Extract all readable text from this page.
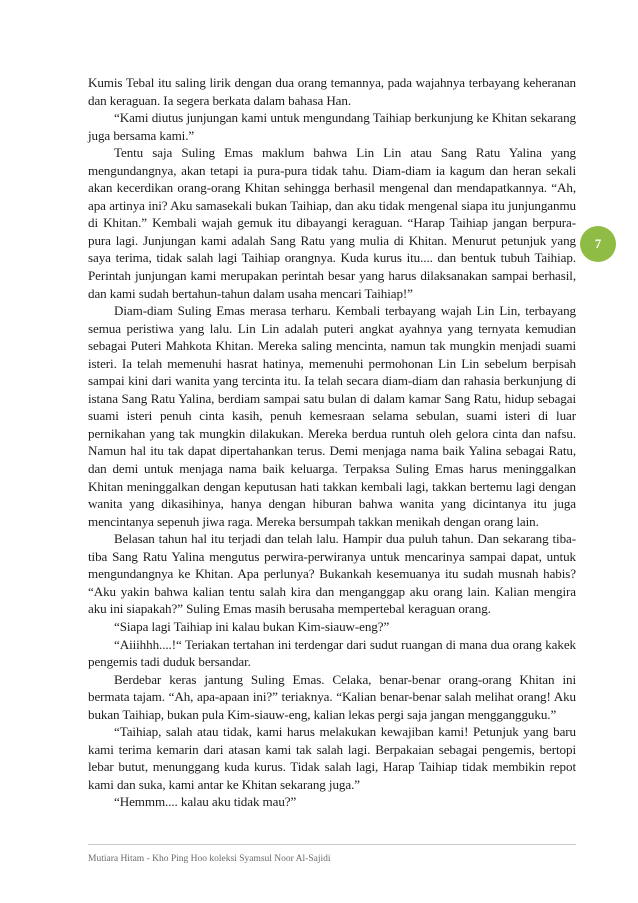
Kumis Tebal itu saling lirik dengan dua orang temannya, pada wajahnya terbayang keheranan dan keraguan. Ia segera berkata dalam bahasa Han.

“Kami diutus junjungan kami untuk mengundang Taihiap berkunjung ke Khitan sekarang juga bersama kami.”

Tentu saja Suling Emas maklum bahwa Lin Lin atau Sang Ratu Yalina yang mengundangnya, akan tetapi ia pura-pura tidak tahu. Diam-diam ia kagum dan heran sekali akan kecerdikan orang-orang Khitan sehingga berhasil mengenal dan mendapatkannya. “Ah, apa artinya ini? Aku samasekali bukan Taihiap, dan aku tidak mengenal siapa itu junjunganmu di Khitan.” Kembali wajah gemuk itu dibayangi keraguan. “Harap Taihiap jangan berpura-pura lagi. Junjungan kami adalah Sang Ratu yang mulia di Khitan. Menurut petunjuk yang saya terima, tidak salah lagi Taihiap orangnya. Kuda kurus itu.... dan bentuk tubuh Taihiap. Perintah junjungan kami merupakan perintah besar yang harus dilaksanakan sampai berhasil, dan kami sudah bertahun-tahun dalam usaha mencari Taihiap!”

Diam-diam Suling Emas merasa terharu. Kembali terbayang wajah Lin Lin, terbayang semua peristiwa yang lalu. Lin Lin adalah puteri angkat ayahnya yang ternyata kemudian sebagai Puteri Mahkota Khitan. Mereka saling mencinta, namun tak mungkin menjadi suami isteri. Ia telah memenuhi hasrat hatinya, memenuhi permohonan Lin Lin sebelum berpisah sampai kini dari wanita yang tercinta itu. Ia telah secara diam-diam dan rahasia berkunjung di istana Sang Ratu Yalina, berdiam sampai satu bulan di dalam kamar Sang Ratu, hidup sebagai suami isteri penuh cinta kasih, penuh kemesraan selama sebulan, suami isteri di luar pernikahan yang tak mungkin dilakukan. Mereka berdua runtuh oleh gelora cinta dan nafsu. Namun hal itu tak dapat dipertahankan terus. Demi menjaga nama baik Yalina sebagai Ratu, dan demi untuk menjaga nama baik keluarga. Terpaksa Suling Emas harus meninggalkan Khitan meninggalkan dengan keputusan hati takkan kembali lagi, takkan bertemu lagi dengan wanita yang dikasihinya, hanya dengan hiburan bahwa wanita yang dicintanya itu juga mencintanya sepenuh jiwa raga. Mereka bersumpah takkan menikah dengan orang lain.

Belasan tahun hal itu terjadi dan telah lalu. Hampir dua puluh tahun. Dan sekarang tiba-tiba Sang Ratu Yalina mengutus perwira-perwiranya untuk mencarinya sampai dapat, untuk mengundangnya ke Khitan. Apa perlunya? Bukankah kesemuanya itu sudah musnah habis? “Aku yakin bahwa kalian tentu salah kira dan menganggap aku orang lain. Kalian mengira aku ini siapakah?” Suling Emas masih berusaha mempertebal keraguan orang.

“Siapa lagi Taihiap ini kalau bukan Kim-siauw-eng?”

“Aiiihhh....!“ Teriakan tertahan ini terdengar dari sudut ruangan di mana dua orang kakek pengemis tadi duduk bersandar.

Berdebar keras jantung Suling Emas. Celaka, benar-benar orang-orang Khitan ini bermata tajam. “Ah, apa-apaan ini?” teriaknya. “Kalian benar-benar salah melihat orang! Aku bukan Taihiap, bukan pula Kim-siauw-eng, kalian lekas pergi saja jangan menggangguku.”

“Taihiap, salah atau tidak, kami harus melakukan kewajiban kami! Petunjuk yang baru kami terima kemarin dari atasan kami tak salah lagi. Berpakaian sebagai pengemis, bertopi lebar butut, menunggang kuda kurus. Tidak salah lagi, Harap Taihiap tidak membikin repot kami dan suka, kami antar ke Khitan sekarang juga.”

“Hemmm.... kalau aku tidak mau?”

7
Mutiara Hitam - Kho Ping Hoo koleksi Syamsul Noor Al-Sajidi
